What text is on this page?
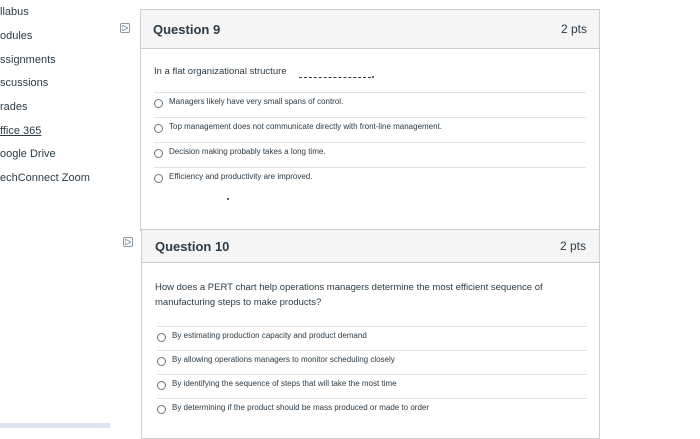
llabus
odules
ssignments
scussions
rades
ffice 365
oogle Drive
echConnect Zoom
Question 9	2 pts
In a flat organizational structure
Managers likely have very small spans of control.
Top management does not communicate directly with front-line management.
Decision making probably takes a long time.
Efficiency and productivity are improved.
Question 10	2 pts
How does a PERT chart help operations managers determine the most efficient sequence of
manufacturing steps to make products?
By estimating production capacity and product demand
By allowing operations managers to monitor scheduling closely
By identifying the sequence of steps that will take the most time
By determining if the product should be mass produced or made to order
